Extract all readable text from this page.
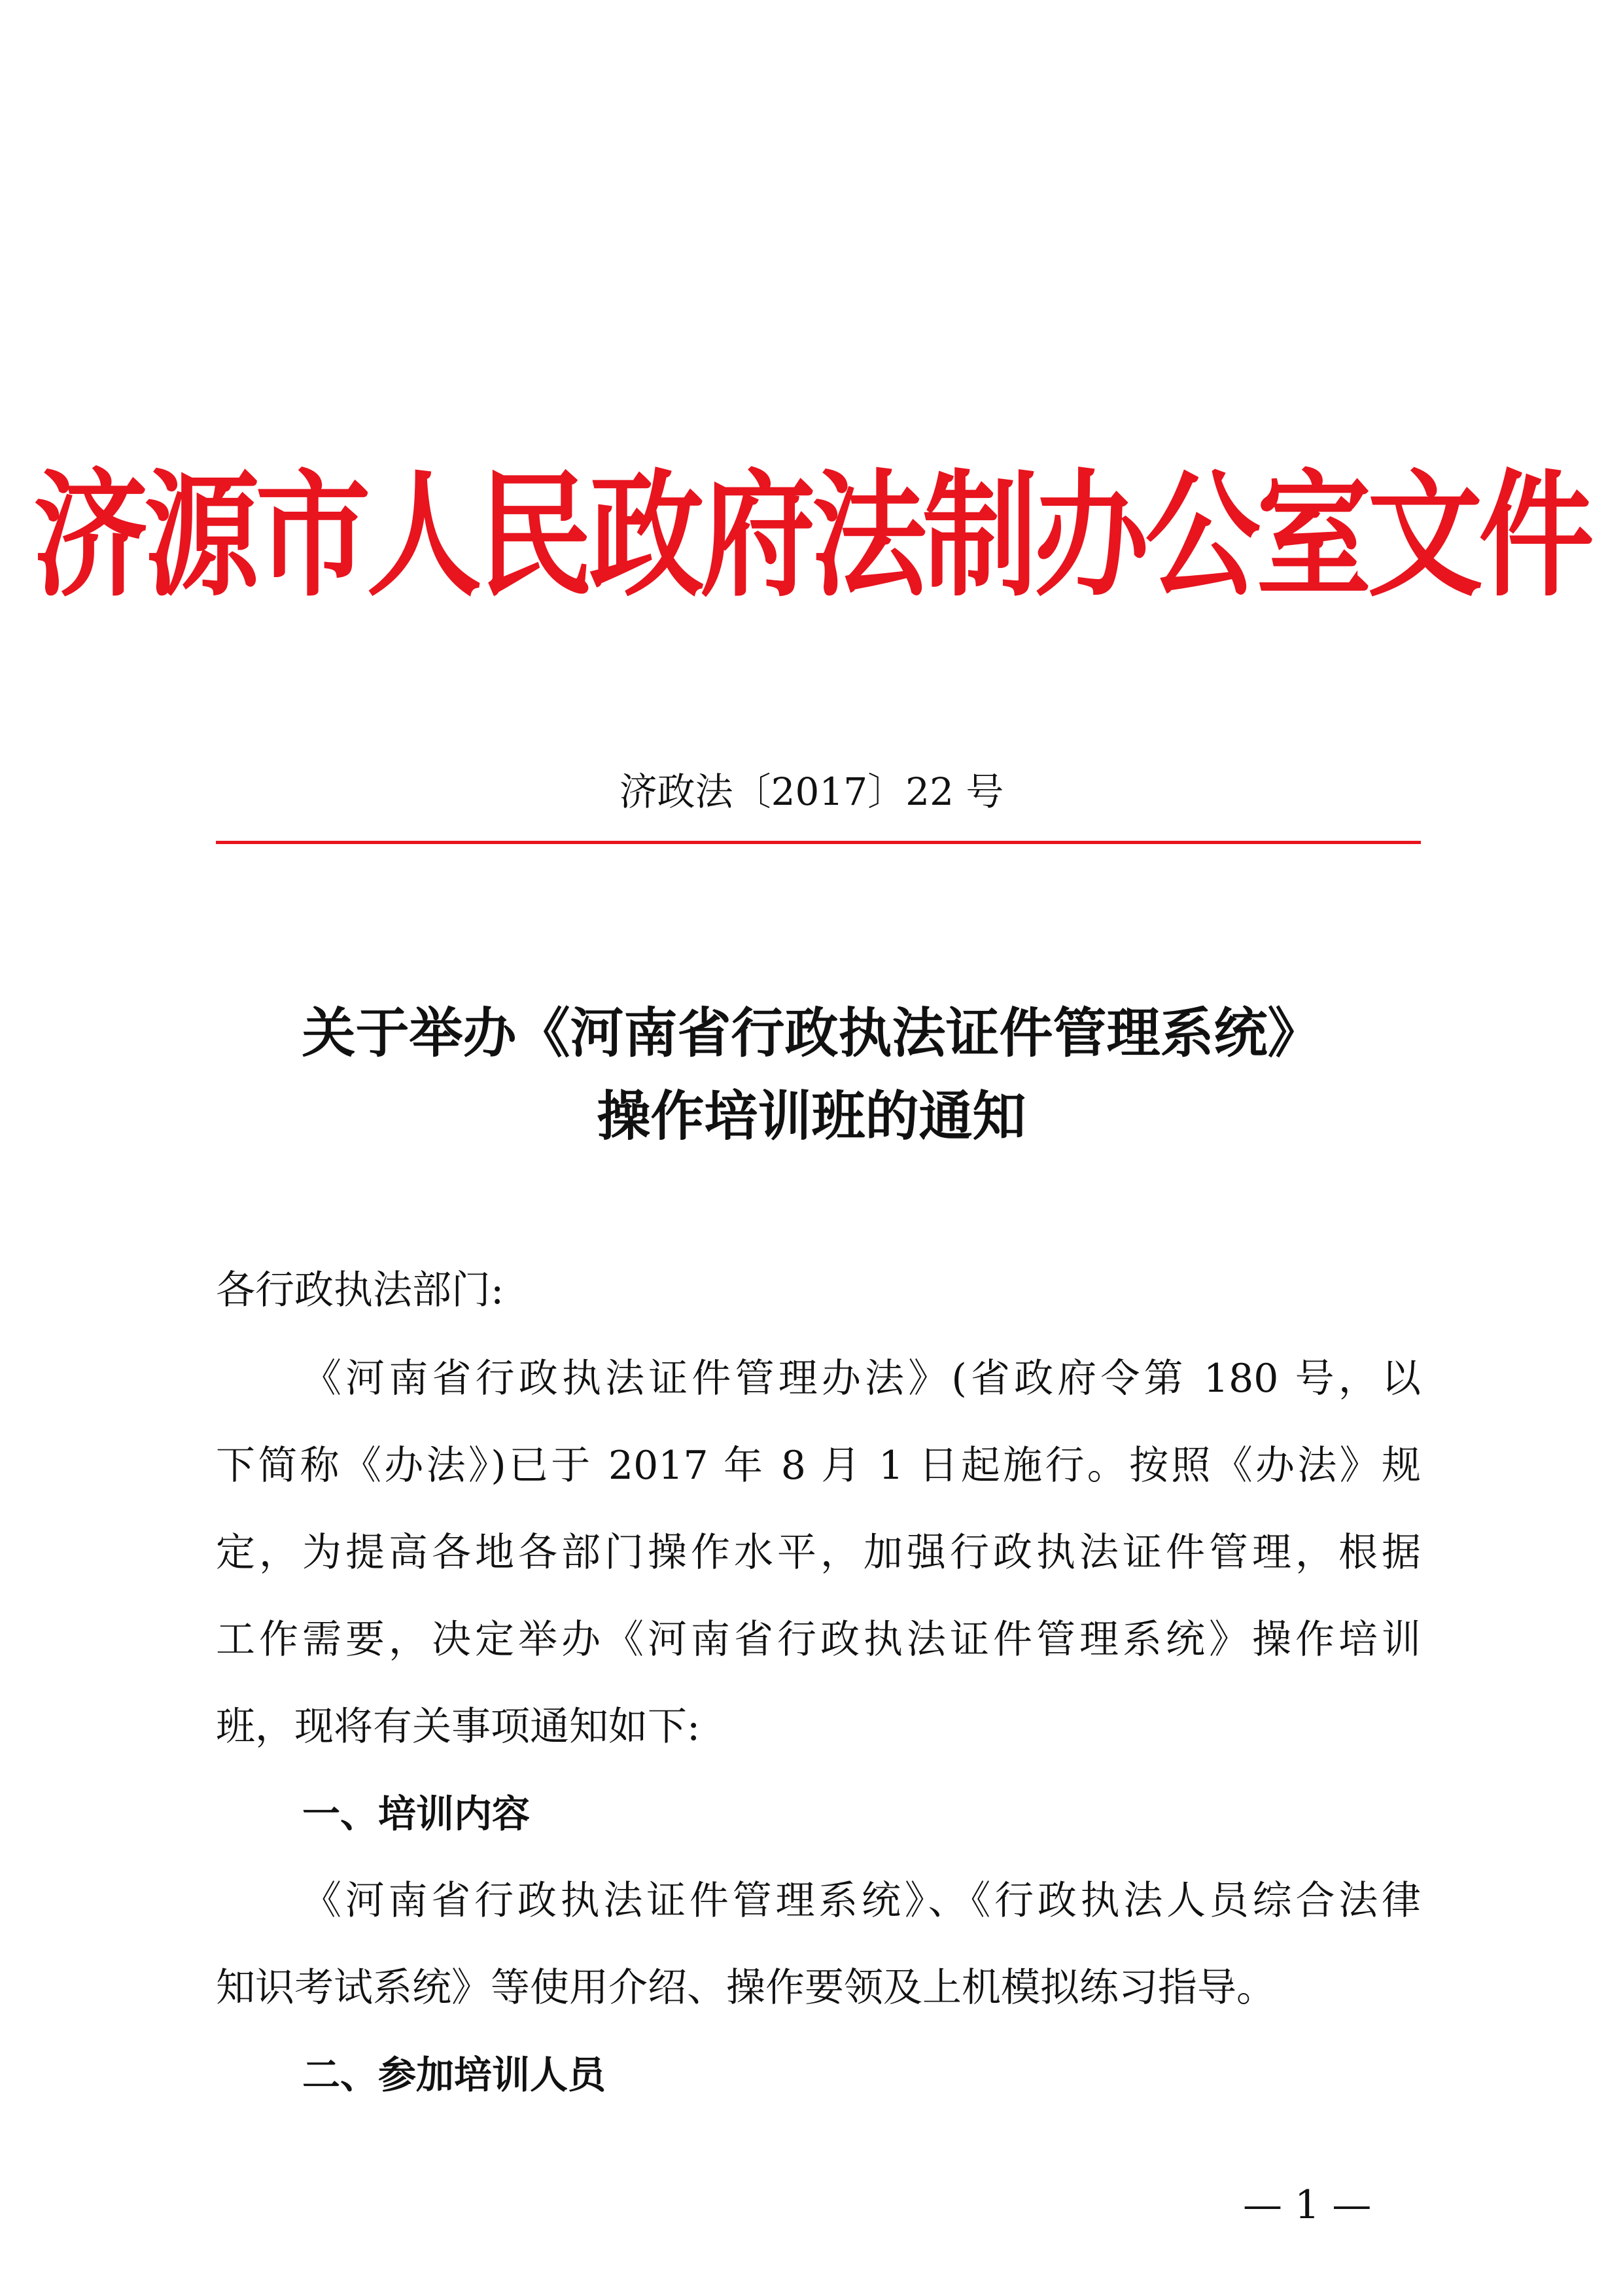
济源市人民政府法制办公室文件
济政法〔2017〕22 号
关于举办《河南省行政执法证件管理系统》
操作培训班的通知
各行政执法部门:
《河南省行政执法证件管理办法》(省政府令第 180 号，以
下简称《办法》)已于 2017 年 8 月 1 日起施行。按照《办法》规
定，为提高各地各部门操作水平，加强行政执法证件管理，根据
工作需要，决定举办《河南省行政执法证件管理系统》操作培训
班，现将有关事项通知如下:
一、培训内容
《河南省行政执法证件管理系统》、《行政执法人员综合法律
知识考试系统》等使用介绍、操作要领及上机模拟练习指导。
二、参加培训人员
— 1 —
